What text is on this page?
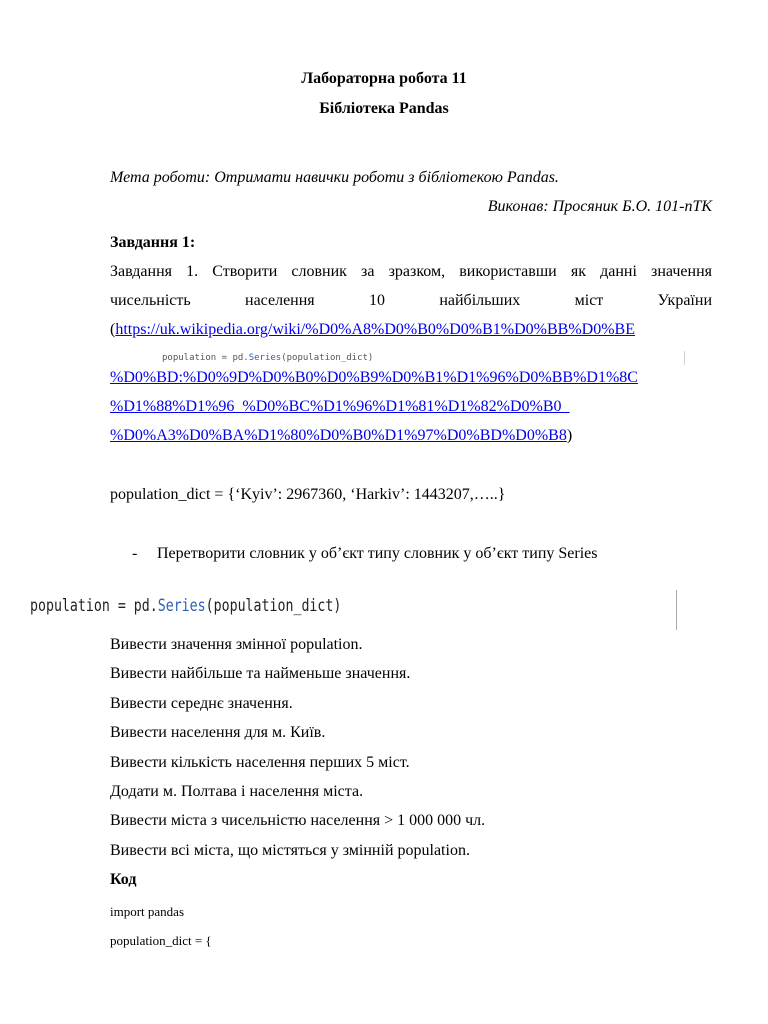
Лабораторна робота 11
Бібліотека Pandas
Мета роботи: Отримати навички роботи з бібліотекою Pandas.
Виконав: Просяник Б.О. 101-пТК
Завдання 1:
Завдання 1. Створити словник за зразком, використавши як данні значення
чисельність населення 10 найбільших міст України
(https://uk.wikipedia.org/wiki/%D0%A8%D0%B0%D0%B1%D0%BB%D0%BE
population = pd.Series(population_dict)
%D0%BD:%D0%9D%D0%B0%D0%B9%D0%B1%D1%96%D0%BB%D1%8C
%D1%88%D1%96_%D0%BC%D1%96%D1%81%D1%82%D0%B0_
%D0%A3%D0%BA%D1%80%D0%B0%D1%97%D0%BD%D0%B8)
population_dict = {‘Kyiv’: 2967360, ‘Harkiv’: 1443207,…..}
- Перетворити словник у об’єкт типу словник у об’єкт типу Series
population = pd.Series(population_dict)
Вивести значення змінної population.
Вивести найбільше та найменьше значення.
Вивести середнє значення.
Вивести населення для м. Київ.
Вивести кількість населення перших 5 міст.
Додати м. Полтава і населення міста.
Вивести міста з чисельністю населення > 1 000 000 чл.
Вивести всі міста, що містяться у змінній population.
Код
import pandas
population_dict = {
